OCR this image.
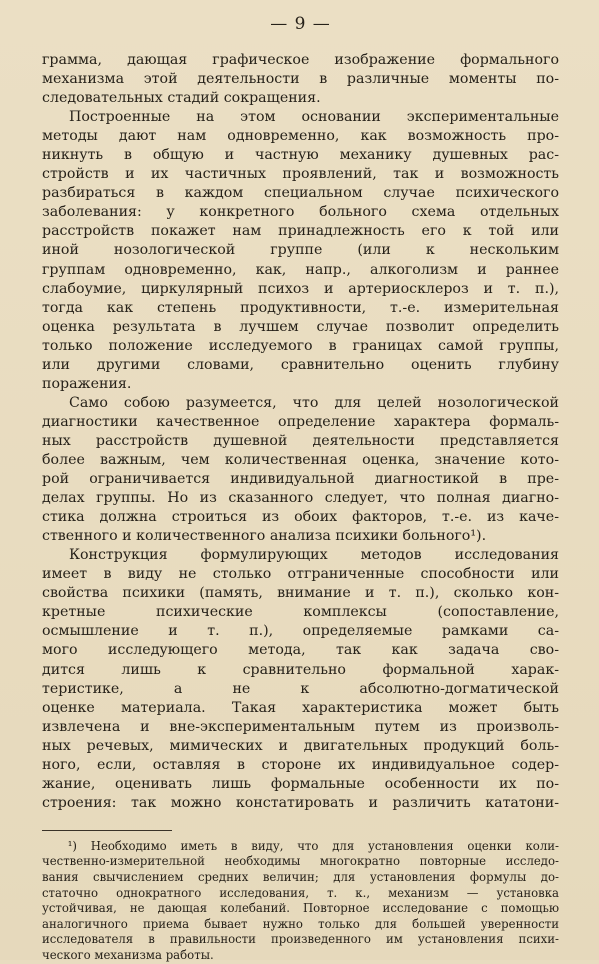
— 9 —
грамма, дающая графическое изображение формального
механизма этой деятельности в различные моменты по-
следовательных стадий сокращения.
Построенные на этом основании экспериментальные
методы дают нам одновременно, как возможность про-
никнуть в общую и частную механику душевных рас-
стройств и их частичных проявлений, так и возможность
разбираться в каждом специальном случае психического
заболевания: у конкретного больного схема отдельных
расстройств покажет нам принадлежность его к той или
иной нозологической группе (или к нескольким
группам одновременно, как, напр., алкоголизм и раннее
слабоумие, циркулярный психоз и артериосклероз и т. п.),
тогда как степень продуктивности, т.-е. измерительная
оценка результата в лучшем случае позволит определить
только положение исследуемого в границах самой группы,
или другими словами, сравнительно оценить глубину
поражения.
Само собою разумеется, что для целей нозологической
диагностики качественное определение характера формаль-
ных расстройств душевной деятельности представляется
более важным, чем количественная оценка, значение кото-
рой ограничивается индивидуальной диагностикой в пре-
делах группы. Но из сказанного следует, что полная диагно-
стика должна строиться из обоих факторов, т.-е. из каче-
ственного и количественного анализа психики больного¹).
Конструкция формулирующих методов исследования
имеет в виду не столько отграниченные способности или
свойства психики (память, внимание и т. п.), сколько кон-
кретные психические комплексы (сопоставление,
осмышление и т. п.), определяемые рамками са-
мого исследующего метода, так как задача сво-
дится лишь к сравнительно формальной харак-
теристике, а не к абсолютно-догматической
оценке материала. Такая характеристика может быть
извлечена и вне-экспериментальным путем из произволь-
ных речевых, мимических и двигательных продукций боль-
ного, если, оставляя в стороне их индивидуальное содер-
жание, оценивать лишь формальные особенности их по-
строения: так можно констатировать и различить кататони-
¹) Необходимо иметь в виду, что для установления оценки коли-
чественно-измерительной необходимы многократно повторные исследо-
вания свычислением средних величин; для установления формулы до-
статочно однократного исследования, т. к., механизм — установка
устойчивая, не дающая колебаний. Повторное исследование с помощью
аналогичного приема бывает нужно только для большей уверенности
исследователя в правильности произведенного им установления психи-
ческого механизма работы.
